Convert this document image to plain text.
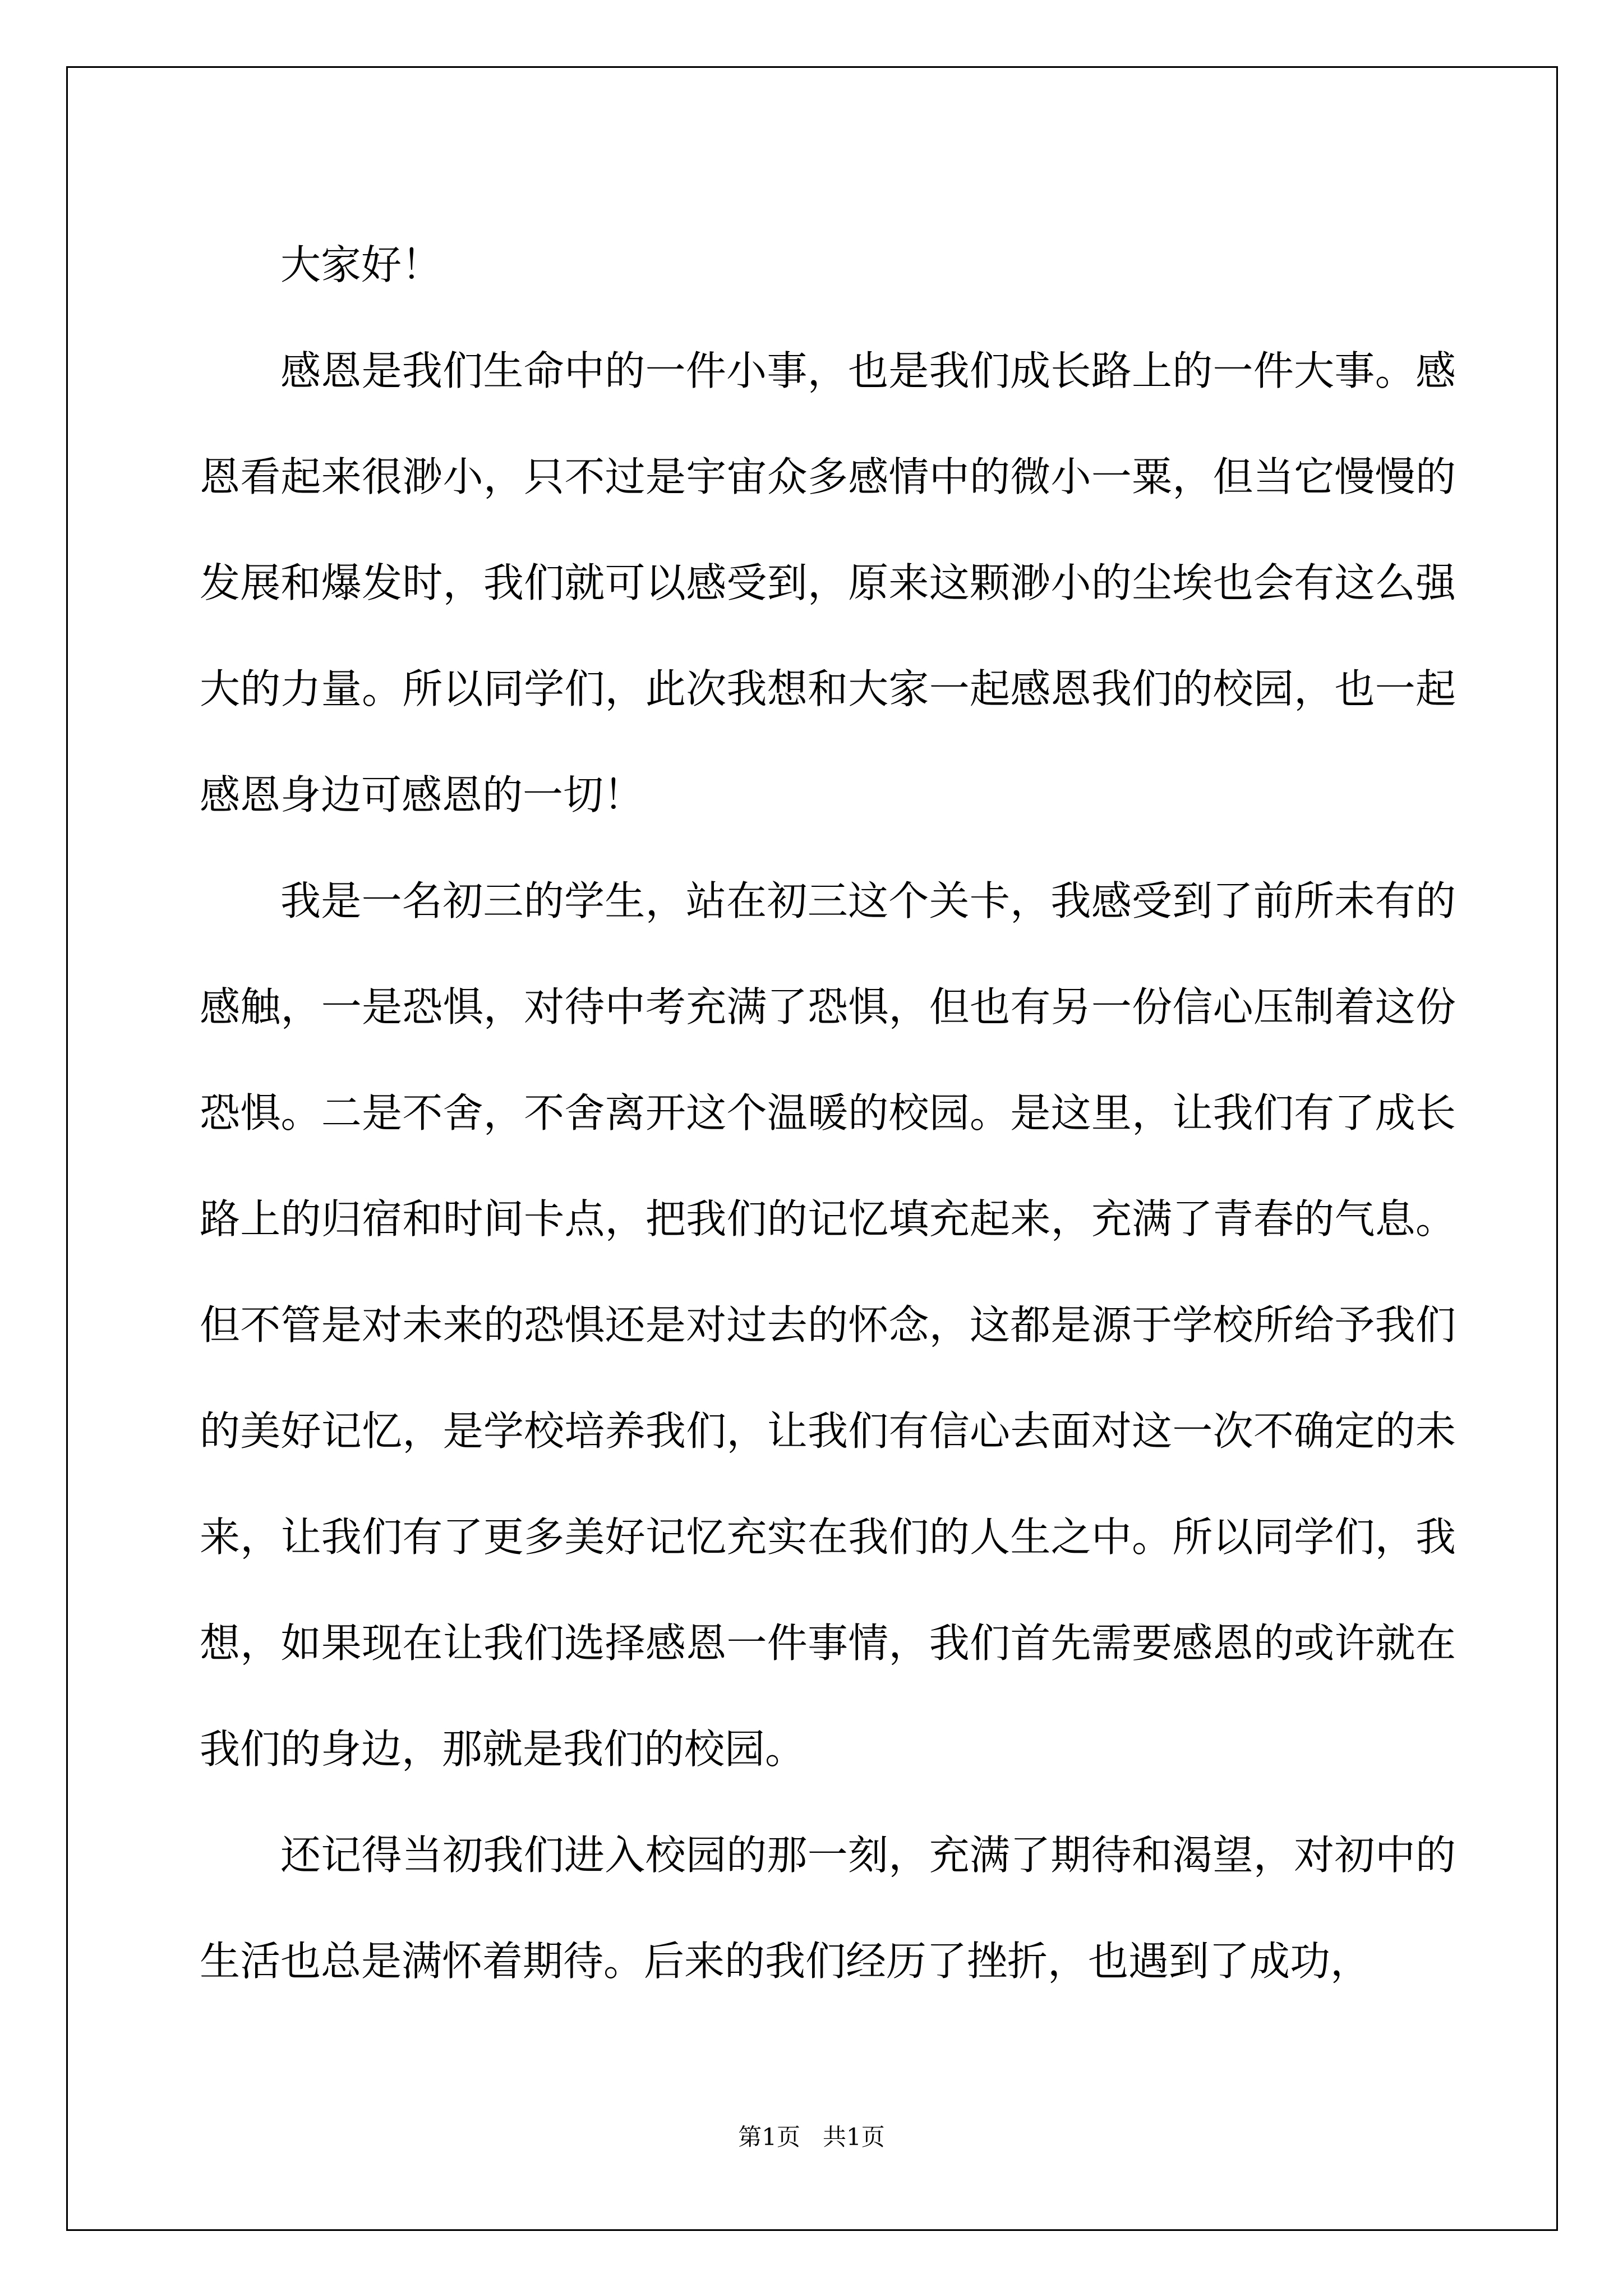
大家好！

感恩是我们生命中的一件小事，也是我们成长路上的一件大事。感恩看起来很渺小，只不过是宇宙众多感情中的微小一粟，但当它慢慢的发展和爆发时，我们就可以感受到，原来这颗渺小的尘埃也会有这么强大的力量。所以同学们，此次我想和大家一起感恩我们的校园，也一起感恩身边可感恩的一切！

我是一名初三的学生，站在初三这个关卡，我感受到了前所未有的感触，一是恐惧，对待中考充满了恐惧，但也有另一份信心压制着这份恐惧。二是不舍，不舍离开这个温暖的校园。是这里，让我们有了成长路上的归宿和时间卡点，把我们的记忆填充起来，充满了青春的气息。但不管是对未来的恐惧还是对过去的怀念，这都是源于学校所给予我们的美好记忆，是学校培养我们，让我们有信心去面对这一次不确定的未来，让我们有了更多美好记忆充实在我们的人生之中。所以同学们，我想，如果现在让我们选择感恩一件事情，我们首先需要感恩的或许就在我们的身边，那就是我们的校园。

还记得当初我们进入校园的那一刻，充满了期待和渴望，对初中的生活也总是满怀着期待。后来的我们经历了挫折，也遇到了成功，

第1页 共1页
